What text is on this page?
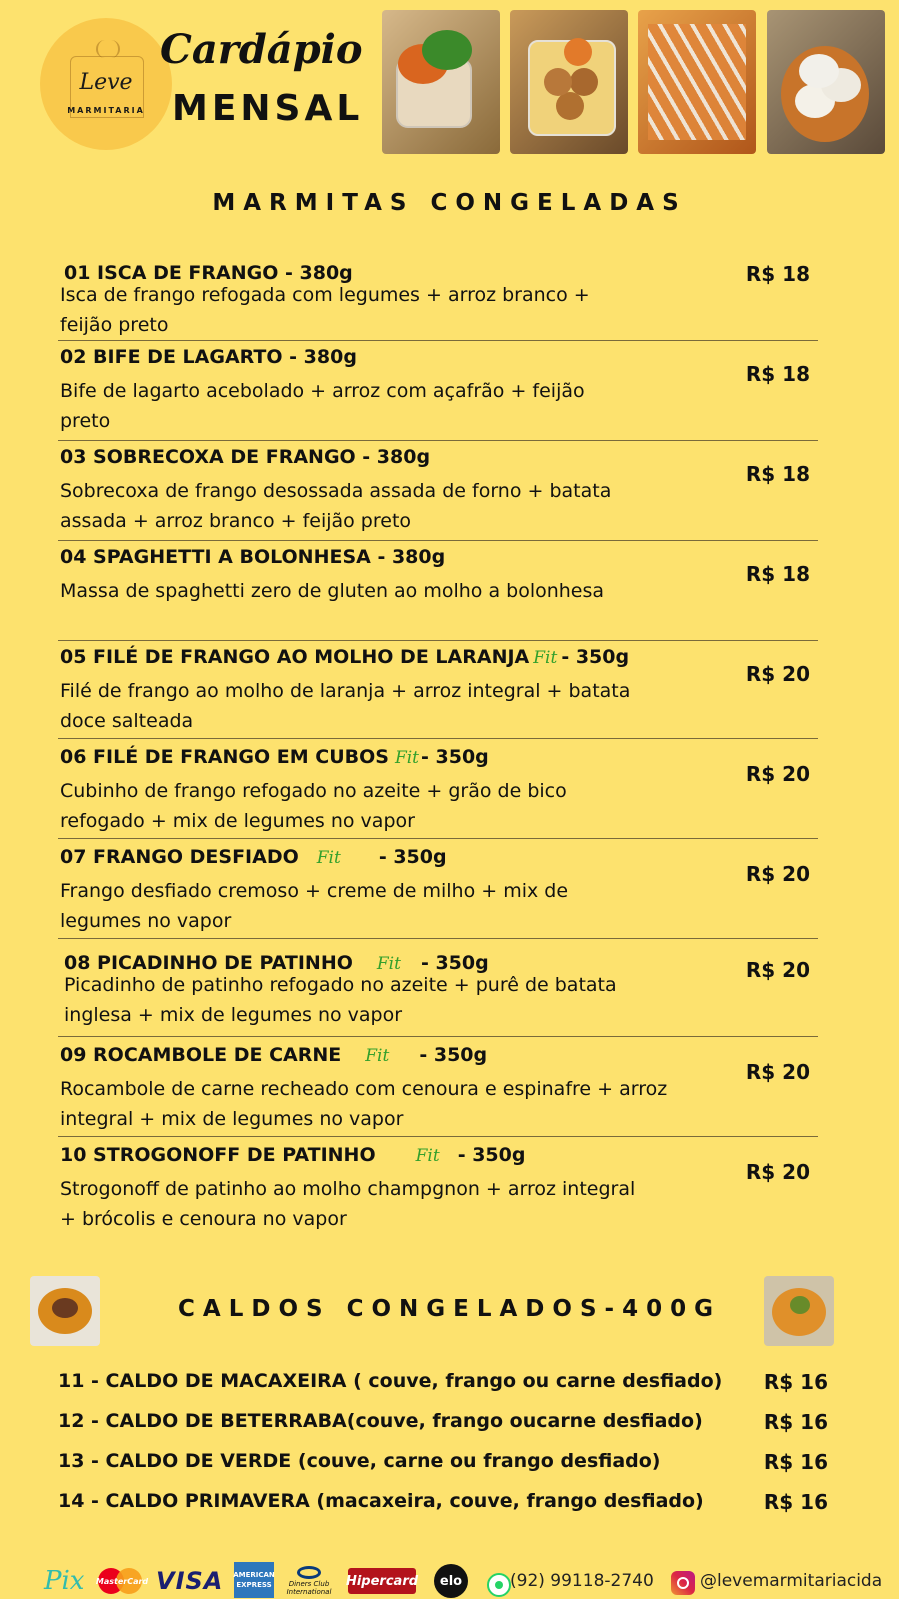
Leve
MARMITARIA
Cardápio
MENSAL
MARMITAS CONGELADAS
01 ISCA DE FRANGO - 380g
Isca de frango refogada com legumes + arroz branco + feijão preto
R$ 18
02 BIFE DE LAGARTO - 380g
Bife de lagarto acebolado + arroz com açafrão + feijão preto
R$ 18
03 SOBRECOXA DE FRANGO - 380g
Sobrecoxa de frango desossada assada de forno + batata assada + arroz branco + feijão preto
R$ 18
04 SPAGHETTI A BOLONHESA - 380g
Massa de spaghetti zero de gluten ao molho a bolonhesa
R$ 18
05 FILÉ DE FRANGO AO MOLHO DE LARANJA Fit - 350g
Filé de frango ao molho de laranja + arroz integral + batata doce salteada
R$ 20
06 FILÉ DE FRANGO EM CUBOS Fit - 350g
Cubinho de frango refogado no azeite + grão de bico refogado + mix de legumes no vapor
R$ 20
07 FRANGO DESFIADO Fit - 350g
Frango desfiado cremoso + creme de milho + mix de legumes no vapor
R$ 20
08 PICADINHO DE PATINHO Fit - 350g
Picadinho de patinho refogado no azeite + purê de batata inglesa + mix de legumes no vapor
R$ 20
09 ROCAMBOLE DE CARNE Fit - 350g
Rocambole de carne recheado com cenoura e espinafre + arroz integral + mix de legumes no vapor
R$ 20
10 STROGONOFF DE PATINHO Fit - 350g
Strogonoff de patinho ao molho champgnon + arroz integral + brócolis e cenoura no vapor
R$ 20
CALDOS CONGELADOS-400G
11 - CALDO DE MACAXEIRA ( couve, frango ou carne desfiado) R$ 16
12 - CALDO DE BETERRABA(couve, frango oucarne desfiado)	R$ 16
13 - CALDO DE VERDE (couve, carne ou frango desfiado)	R$ 16
14 - CALDO PRIMAVERA (macaxeira, couve, frango desfiado)	R$ 16
Pix MasterCard VISA AMERICAN EXPRESS	Diners Club International
Hipercard	elo	(92) 99118-2740	@levemarmitariacida
